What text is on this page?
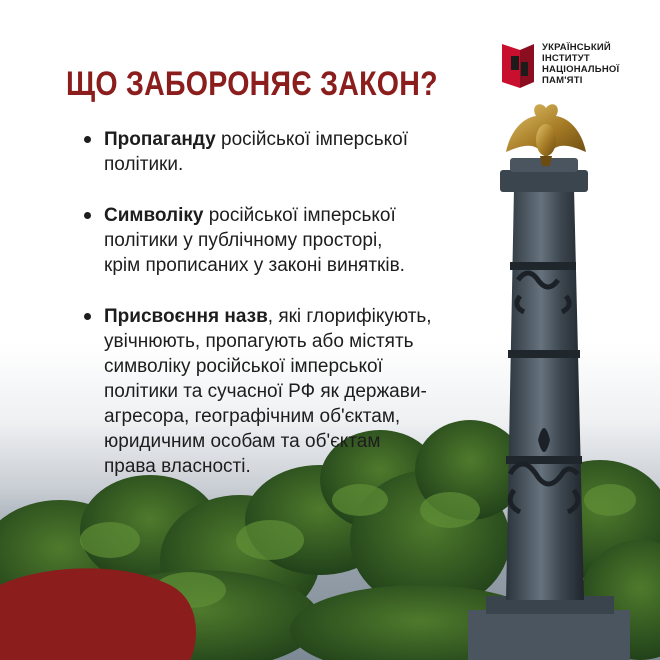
УКРАЇНСЬКИЙ
ІНСТИТУТ
НАЦІОНАЛЬНОЇ
ПАМ'ЯТІ
ЩО ЗАБОРОНЯЄ ЗАКОН?
Пропаганду російської імперської
політики.
Символіку російської імперської
політики у публічному просторі,
крім прописаних у законі винятків.
Присвоєння назв, які глорифікують,
увічнюють, пропагують або містять
символіку російської імперської
політики та сучасної РФ як держави-
агресора, географічним об'єктам,
юридичним особам та об'єктам
права власності.
